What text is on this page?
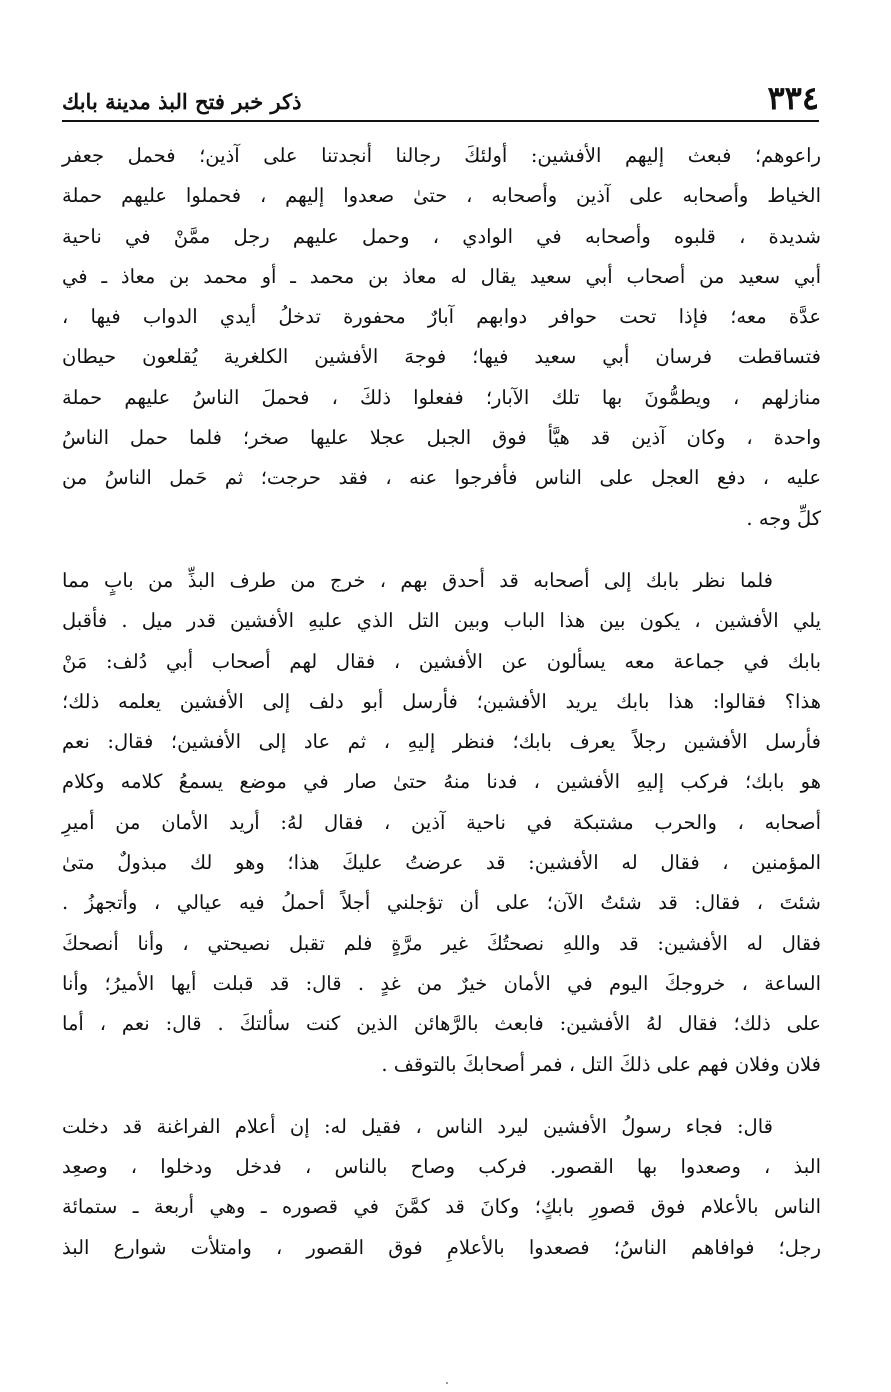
٣٣٤
ذكر خبر فتح البذ مدينة بابك
راعوهم؛ فبعث إليهم الأفشين: أولئكَ رجالنا أنجدتنا على آذين؛ فحمل جعفر
الخياط وأصحابه على آذين وأصحابه ، حتىٰ صعدوا إليهم ، فحملوا عليهم حملة
شديدة ، قلبوه وأصحابه في الوادي ، وحمل عليهم رجل ممَّنْ في ناحية
أبي سعيد من أصحاب أبي سعيد يقال له معاذ بن محمد ـ أو محمد بن معاذ ـ في
عدَّة معه؛ فإذا تحت حوافر دوابهم آبارٌ محفورة تدخلُ أيدي الدواب فيها ،
فتساقطت فرسان أبي سعيد فيها؛ فوجهَ الأفشين الكلغرية يُقلعون حيطان
منازلهم ، ويطمُّونَ بها تلك الآبار؛ ففعلوا ذلكَ ، فحملَ الناسُ عليهم حملة
واحدة ، وكان آذين قد هيَّأ فوق الجبل عجلا عليها صخر؛ فلما حمل الناسُ
عليه ، دفع العجل على الناس فأفرجوا عنه ، فقد حرجت؛ ثم حَمل الناسُ من
كلِّ وجه .
فلما نظر بابك إلى أصحابه قد أحدق بهم ، خرج من طرف البذِّ من بابٍ مما
يلي الأفشين ، يكون بين هذا الباب وبين التل الذي عليهِ الأفشين قدر ميل . فأقبل
بابك في جماعة معه يسألون عن الأفشين ، فقال لهم أصحاب أبي دُلف: مَنْ
هذا؟ فقالوا: هذا بابك يريد الأفشين؛ فأرسل أبو دلف إلى الأفشين يعلمه ذلك؛
فأرسل الأفشين رجلاً يعرف بابك؛ فنظر إليهِ ، ثم عاد إلى الأفشين؛ فقال: نعم
هو بابك؛ فركب إليهِ الأفشين ، فدنا منهُ حتىٰ صار في موضع يسمعُ كلامه وكلام
أصحابه ، والحرب مشتبكة في ناحية آذين ، فقال لهُ: أريد الأمان من أميرِ
المؤمنين ، فقال له الأفشين: قد عرضتُ عليكَ هذا؛ وهو لك مبذولٌ متىٰ
شئتَ ، فقال: قد شئتُ الآن؛ على أن تؤجلني أجلاً أحملُ فيه عيالي ، وأتجهزُ .
فقال له الأفشين: قد واللهِ نصحتُكَ غير مرَّةٍ فلم تقبل نصيحتي ، وأنا أنصحكَ
الساعة ، خروجكَ اليوم في الأمان خيرٌ من غدٍ . قال: قد قبلت أيها الأميرُ؛ وأنا
على ذلك؛ فقال لهُ الأفشين: فابعث بالرَّهائن الذين كنت سألتكَ . قال: نعم ، أما
فلان وفلان فهم على ذلكَ التل ، فمر أصحابكَ بالتوقف .
قال: فجاء رسولُ الأفشين ليرد الناس ، فقيل له: إن أعلام الفراغنة قد دخلت
البذ ، وصعدوا بها القصور. فركب وصاح بالناس ، فدخل ودخلوا ، وصعِد
الناس بالأعلام فوق قصورِ بابكٍ؛ وكانَ قد كمَّنَ في قصوره ـ وهي أربعة ـ ستمائة
رجل؛ فوافاهم الناسُ؛ فصعدوا بالأعلامِ فوق القصور ، وامتلأت شوارع البذ
